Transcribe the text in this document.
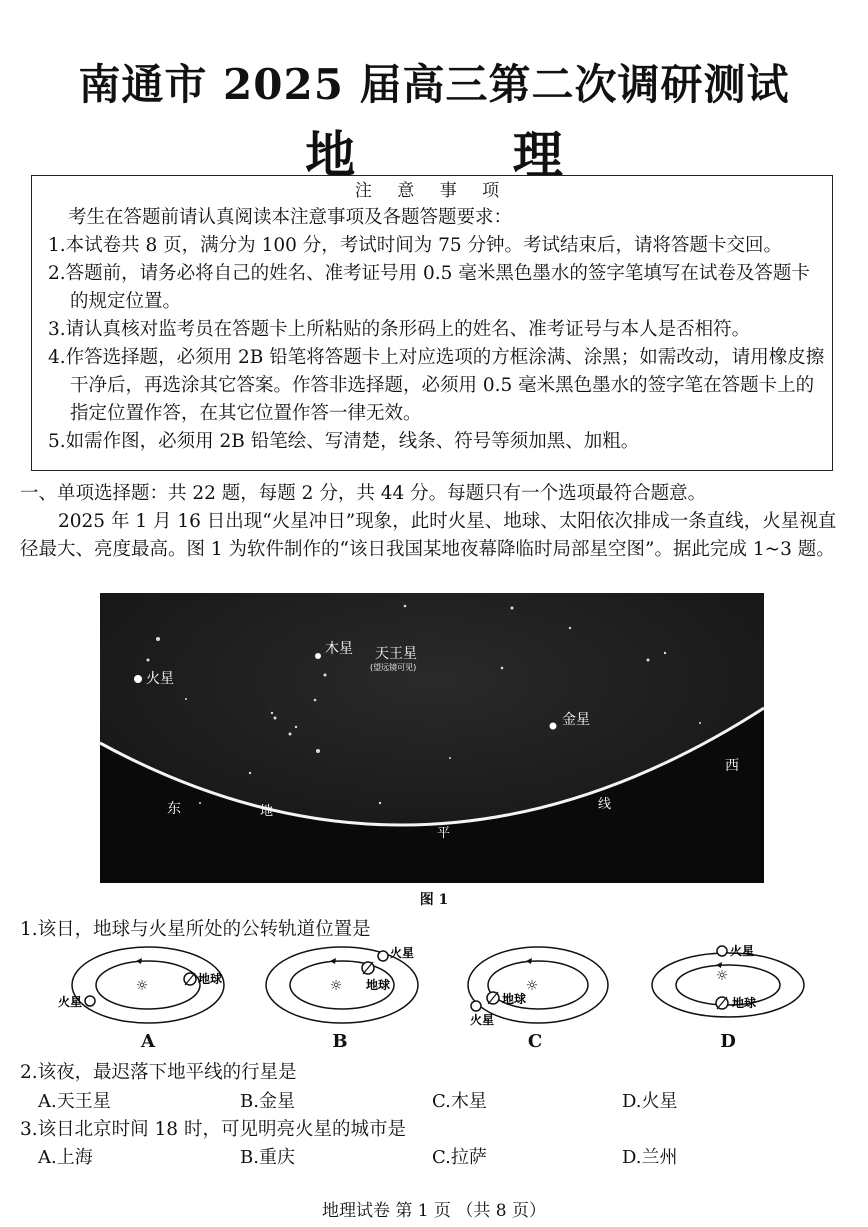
南通市 2025 届高三第二次调研测试
地 理
注 意 事 项
考生在答题前请认真阅读本注意事项及各题答题要求：
1.本试卷共 8 页，满分为 100 分，考试时间为 75 分钟。考试结束后，请将答题卡交回。
2.答题前，请务必将自己的姓名、准考证号用 0.5 毫米黑色墨水的签字笔填写在试卷及答题卡的规定位置。
3.请认真核对监考员在答题卡上所粘贴的条形码上的姓名、准考证号与本人是否相符。
4.作答选择题，必须用 2B 铅笔将答题卡上对应选项的方框涂满、涂黑；如需改动，请用橡皮擦干净后，再选涂其它答案。作答非选择题，必须用 0.5 毫米黑色墨水的签字笔在答题卡上的指定位置作答，在其它位置作答一律无效。
5.如需作图，必须用 2B 铅笔绘、写清楚，线条、符号等须加黑、加粗。
一、单项选择题：共 22 题，每题 2 分，共 44 分。每题只有一个选项最符合题意。
2025 年 1 月 16 日出现“火星冲日”现象，此时火星、地球、太阳依次排成一条直线，火星视直径最大、亮度最高。图 1 为软件制作的“该日我国某地夜幕降临时局部星空图”。据此完成 1~3 题。
火星
木星 天王星
(望远镜可见)
金星
东
西
地
平
线
图 1
1.该日，地球与火星所处的公转轨道位置是
☼	地球
火星
A
☼ 地球
火星
B
☼
地球
火星
C
☼
地球
火星
D
2.该夜，最迟落下地平线的行星是
A.天王星	B.金星	C.木星	D.火星
3.该日北京时间 18 时，可见明亮火星的城市是
A.上海	B.重庆	C.拉萨	D.兰州
地理试卷 第 1 页 （共 8 页）
